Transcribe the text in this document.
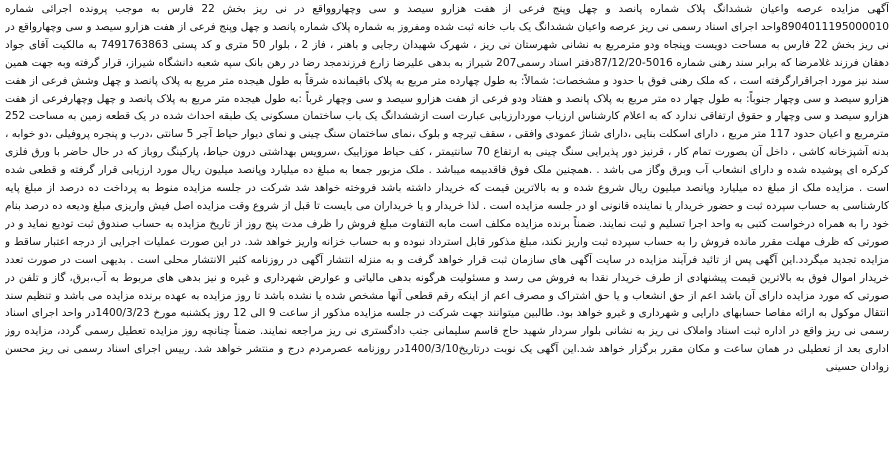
آگهی مزایده عرصه واعیان ششدانگ پلاک شماره پانصد و چهل وپنج فرعی از هفت هزارو سیصد و سی وچهاروواقع در نی ریز بخش 22 فارس به موجب پرونده اجرائی شماره 8904011195000010واحد اجرای اسناد رسمی نی ریز عرصه واعیان ششدانگ یک باب خانه ثبت شده ومفروز به شماره پلاک شماره پانصد و چهل وپنج فرعی از هفت هزارو سیصد و سی وچهارواقع در نی ریز بخش 22 فارس به مساحت دویست وپنجاه ودو مترمربع به نشانی شهرستان نی ریز ، شهرک شهیدان رجایی و باهنر ، فاز 2 ، بلوار 50 متری و کد پستی 7491763863 به مالکیت آقای جواد دهقان فرزند غلامرضا که برابر سند رهنی شماره 5016-87/12/20دفتر اسناد رسمی207 شیراز به بدهی علیرضا زارع فرزندمجد رضا در رهن بانک سپه شعبه دانشگاه شیراز، قرار گرفته وبه جهت همین سند نیز مورد اجراقرارگرفته است ، که ملک رهنی فوق با حدود و مشخصات: شمالاً: به طول چهارده متر مربع به پلاک باقیمانده شرقاً به طول هیجده متر مربع به پلاک پانصد و چهل وشش فرعی از هفت هزارو سیصد و سی وچهار جنوباً: به طول چهار ده متر مربع به پلاک پانصد و هفتاد ودو فرعی از هفت هزارو سیصد و سی وچهار غرباً :به طول هیجده متر مربع به پلاک پانصد و چهل وچهارفرعی از هفت هزارو سیصد و سی وچهار و حقوق ارتفاقی ندارد که به اعلام کارشناس ارزیاب موردارزیابی عبارت است ازششدانگ یک باب ساختمان مسکونی یک طبقه احداث شده در یک قطعه زمین به مساحت 252 مترمربع و اعیان حدود 117 متر مربع ، دارای اسکلت بنایی ،دارای شناژ عمودی وافقی ، سقف تیرچه و بلوک ،نمای ساختمان سنگ چینی و نمای دیوار حیاط آجر 5 سانتی ،درب و پنجره پروفیلی ،دو خوابه ، بدنه آشپزخانه کاشی ، داخل آن بصورت تمام کار ، قرنیز دور پذیرایی سنگ چینی به ارتفاع 70 سانتیمتر ، کف حیاط موزاییک ،سرویس بهداشتی درون حیاط، پارکینگ روباز که در حال حاضر با ورق فلزی کرکره ای پوشیده شده و دارای انشعاب آب وبرق وگاز می باشد . .همچنین ملک فوق فاقدبیمه میباشد . ملک مزبور جمعا به مبلغ ده میلیارد وپانصد میلیون ریال مورد ارزیابی قرار گرفته و قطعی شده است . مزایده ملک از مبلغ ده میلیارد وپانصد میلیون ریال شروع شده و به بالاترین قیمت که خریدار داشته باشد فروخته خواهد شد شرکت در جلسه مزایده منوط به پرداخت ده درصد از مبلغ پایه کارشناسی به حساب سپرده ثبت و حضور خریدار یا نماینده قانونی او در جلسه مزایده است . لذا خریدار و یا خریداران می بایست تا قبل از شروع وقت مزایده اصل فیش واریزی مبلغ ودیعه ده درصد بنام خود را به همراه درخواست کتبی به واحد اجرا تسلیم و ثبت نمایند. ضمناً برنده مزایده مکلف است مابه التفاوت مبلغ فروش را ظرف مدت پنج روز از تاریخ مزایده به حساب صندوق ثبت تودیع نماید و در صورتی که ظرف مهلت مقرر مانده فروش را به حساب سپرده ثبت واریز نکند، مبلغ مذکور قابل استرداد نبوده و به حساب خزانه واریز خواهد شد. در این صورت عملیات اجرایی از درجه اعتبار ساقط و مزایده تجدید میگردد.این آگهی پس از تائید فرآیند مزایده در سایت آگهی های سازمان ثبت قرار خواهد گرفت و به منزله انتشار آگهی در روزنامه کثیر الانتشار محلی است . بدیهی است در صورت تعدد خریدار اموال فوق به بالاترین قیمت پیشنهادی از طرف خریدار نقدا به فروش می رسد و مسئولیت هرگونه بدهی مالیاتی و عوارض شهرداری و غیره و نیز بدهی های مربوط به آب،برق، گاز و تلفن در صورتی که مورد مزایده دارای آن باشد اعم از حق انشعاب و یا حق اشتراک و مصرف اعم از اینکه رقم قطعی آنها مشخص شده یا نشده باشد تا روز مزایده به عهده برنده مزایده می باشد و تنظیم سند انتقال موکول به ارائه مفاصا حسابهای دارایی و شهرداری و غیرو خواهد بود. طالبین میتوانند جهت شرکت در جلسه مزایده مذکور از ساعت 9 الی 12 روز یکشنبه مورخ 1400/3/23در واحد اجرای اسناد رسمی نی ریز واقع در اداره ثبت اسناد واملاک نی ریز به نشانی بلوار سردار شهید حاج قاسم سلیمانی جنب دادگستری نی ریز مراجعه نمایند. ضمناً چنانچه روز مزایده تعطیل رسمی گردد، مزایده روز اداری بعد از تعطیلی در همان ساعت و مکان مقرر برگزار خواهد شد.این آگهی یک نوبت درتاریخ1400/3/10در روزنامه عصرمردم درج و منتشر خواهد شد. رییس اجرای اسناد رسمی نی ریز محسن زوادان حسینی
